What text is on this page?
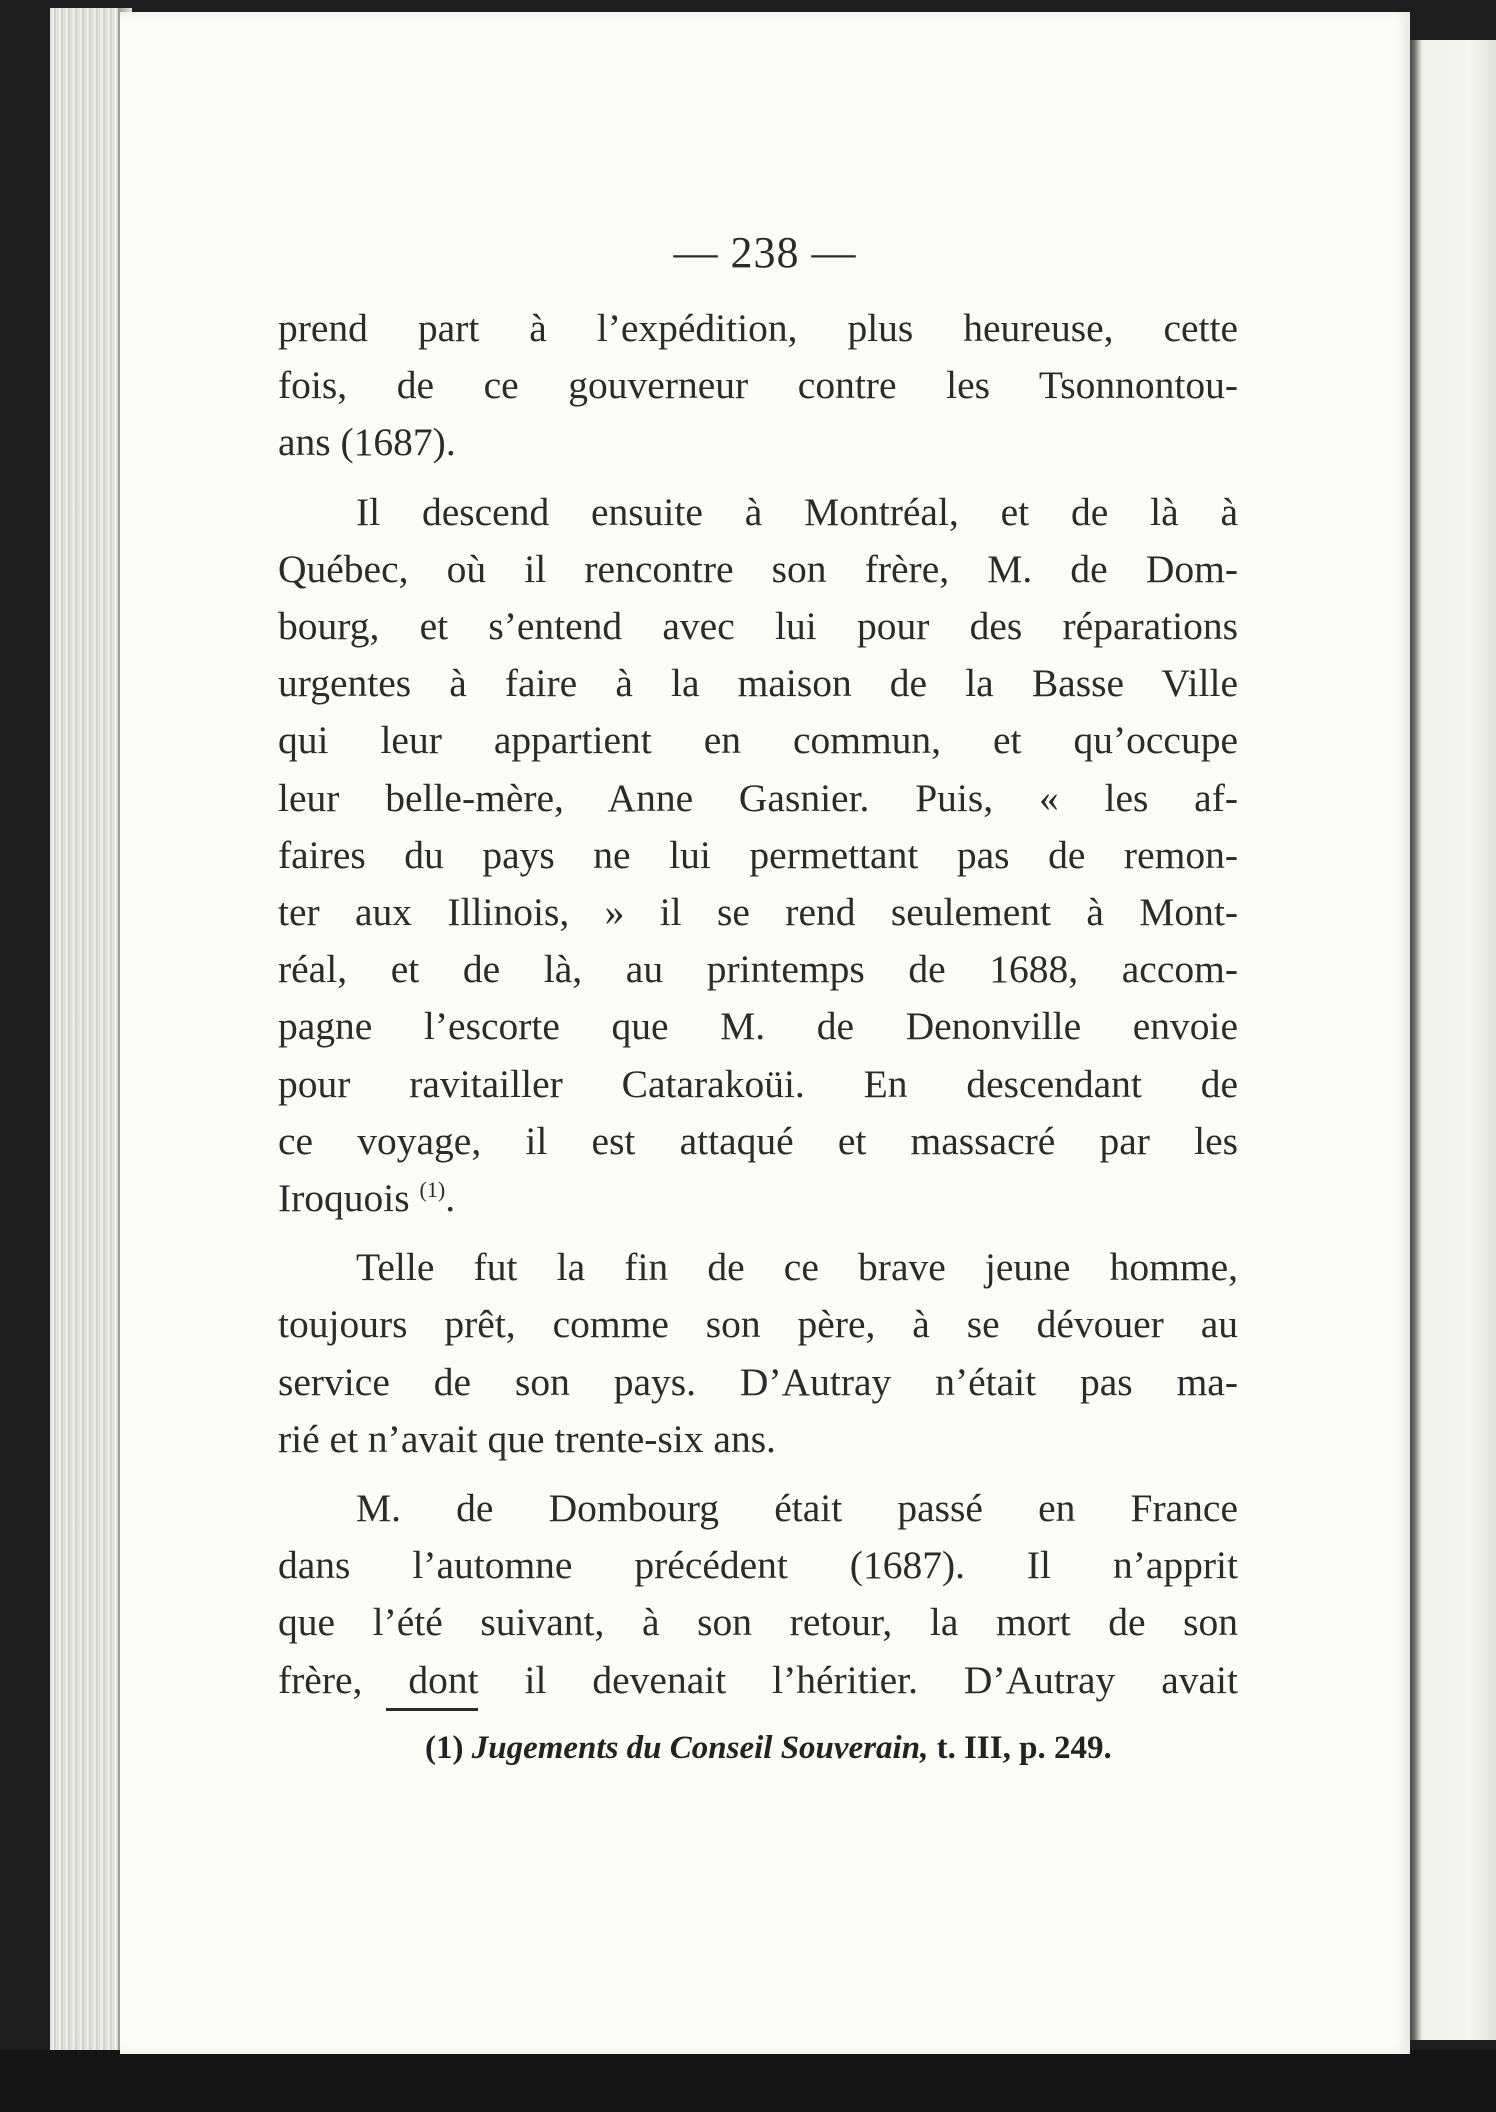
— 238 —

prend part à l’expédition, plus heureuse, cette
fois, de ce gouverneur contre les Tsonnontou-
ans (1687).

Il descend ensuite à Montréal, et de là à
Québec, où il rencontre son frère, M. de Dom-
bourg, et s’entend avec lui pour des réparations
urgentes à faire à la maison de la Basse Ville
qui leur appartient en commun, et qu’occupe
leur belle-mère, Anne Gasnier. Puis, « les af-
faires du pays ne lui permettant pas de remon-
ter aux Illinois, » il se rend seulement à Mont-
réal, et de là, au printemps de 1688, accom-
pagne l’escorte que M. de Denonville envoie
pour ravitailler Catarakoüi. En descendant de
ce voyage, il est attaqué et massacré par les
Iroquois $^{(1)}$.

Telle fut la fin de ce brave jeune homme,
toujours prêt, comme son père, à se dévouer au
service de son pays. D’Autray n’était pas ma-
rié et n’avait que trente-six ans.

M. de Dombourg était passé en France
dans l’automne précédent (1687). Il n’apprit
que l’été suivant, à son retour, la mort de son
frère, dont il devenait l’héritier. D’Autray avait

(1) Jugements du Conseil Souverain, t. III, p. 249.
